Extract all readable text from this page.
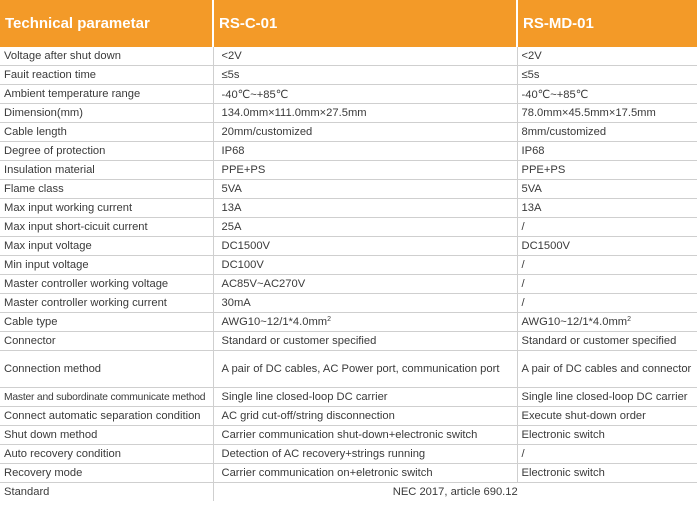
Technical parametar	RS-C-01	RS-MD-01
Voltage after shut down	<2V	<2V
Fauit reaction time	≤5s	≤5s
Ambient temperature range	-40℃~+85℃	-40℃~+85℃
Dimension(mm)	134.0mm×111.0mm×27.5mm	78.0mm×45.5mm×17.5mm
Cable length	20mm/customized	8mm/customized
Degree of protection	IP68	IP68
Insulation material	PPE+PS	PPE+PS
Flame class	5VA	5VA
Max input working current	13A	13A
Max input short-cicuit current	25A	/
Max input voltage	DC1500V	DC1500V
Min input voltage	DC100V	/
Master controller working voltage	AC85V~AC270V	/
Master controller working current	30mA	/
Cable type	$AWG10\sim 12/1*4.0mm^2$	$AWG10\sim 12/1*4.0mm^2$
Connector	Standard or customer specified	Standard or customer specified
Connection method	A pair of DC cables, AC Power port, communication port	A pair of DC cables and connector
Master and subordinate communicate method	Single line closed-loop DC carrier	Single line closed-loop DC carrier
Connect automatic separation condition	AC grid cut-off/string disconnection	Execute shut-down order
Shut down method	Carrier communication shut-down+electronic switch	Electronic switch
Auto recovery condition	Detection of AC recovery+strings running	/
Recovery mode	Carrier communication on+eletronic switch	Electronic switch
Standard	NEC 2017, article 690.12	
